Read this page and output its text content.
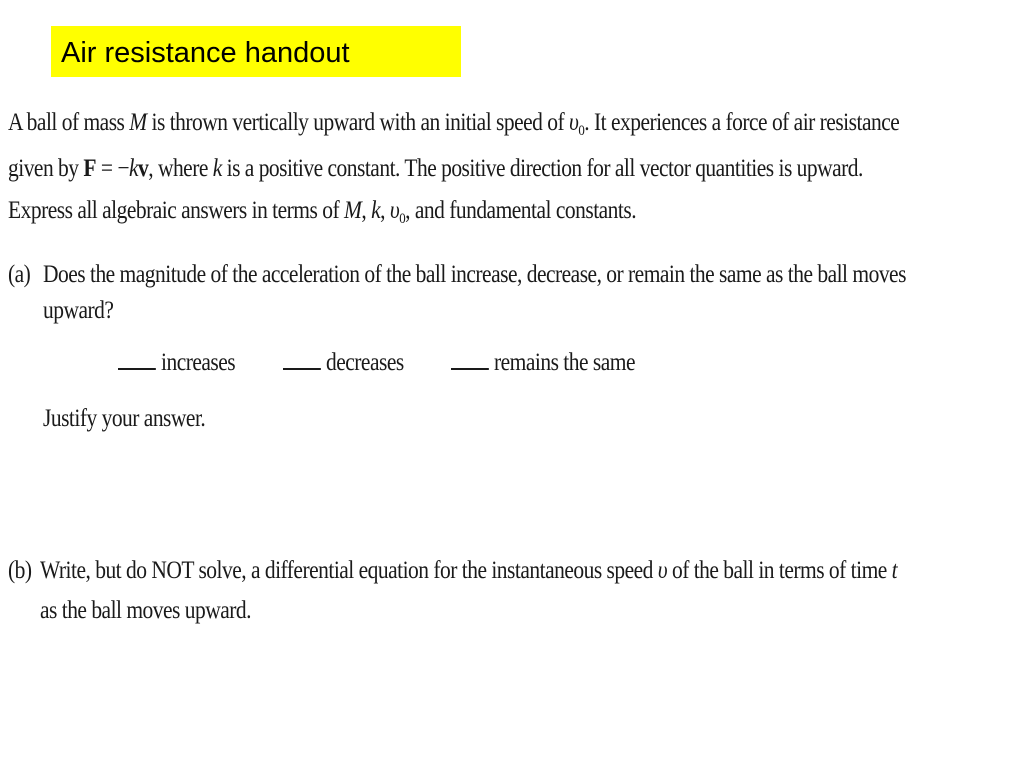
Air resistance handout
A ball of mass M is thrown vertically upward with an initial speed of $\upsilon_0$. It experiences a force of air resistance
given by F = −kv, where k is a positive constant. The positive direction for all vector quantities is upward.
Express all algebraic answers in terms of M, k, $\upsilon_0$, and fundamental constants.
(a) Does the magnitude of the acceleration of the ball increase, decrease, or remain the same as the ball moves
upward?
increases	decreases	remains the same
Justify your answer.
(b) Write, but do NOT solve, a differential equation for the instantaneous speed υ of the ball in terms of time t
as the ball moves upward.
